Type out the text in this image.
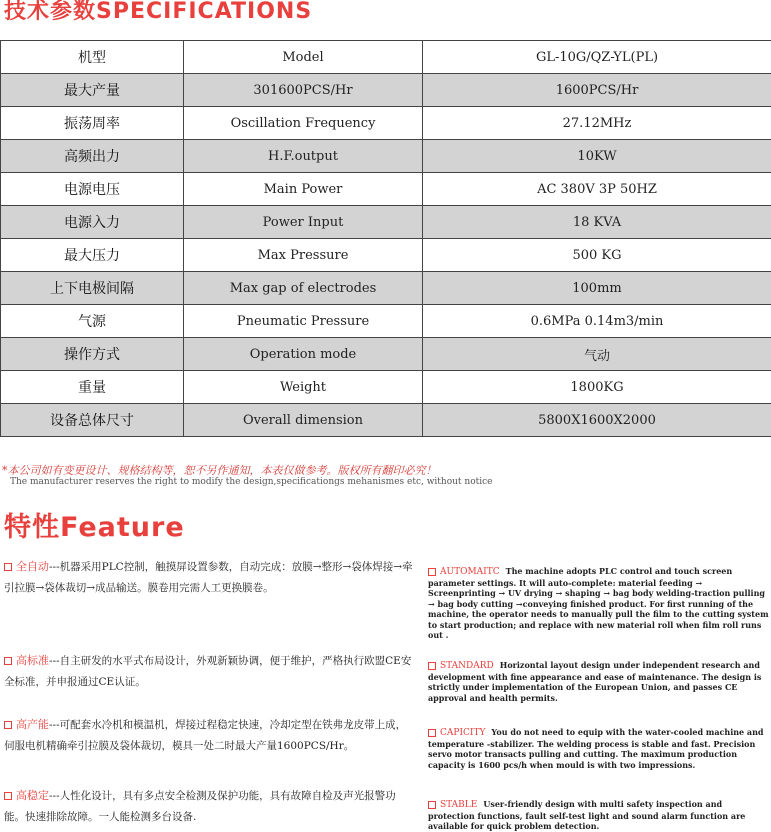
技术参数SPECIFICATIONS
机型	Model	GL-10G/QZ-YL(PL)
最大产量	301600PCS/Hr	1600PCS/Hr
振荡周率	Oscillation Frequency	27.12MHz
高频出力	H.F.output	10KW
电源电压	Main Power	AC 380V 3P 50HZ
电源入力	Power Input	18 KVA
最大压力	Max Pressure	500 KG
上下电极间隔	Max gap of electrodes	100mm
气源	Pneumatic Pressure	0.6MPa 0.14m3/min
操作方式	Operation mode	气动
重量	Weight	1800KG
设备总体尺寸	Overall dimension	5800X1600X2000
*本公司如有变更设计、规格结构等，恕不另作通知，本表仅做参考。版权所有翻印必究！
The manufacturer reserves the right to modify the design,specificationgs mehanismes etc, without notice
特性Feature
全自动---机器采用PLC控制，触摸屏设置参数，自动完成：放膜→整形→袋体焊接→牵引拉膜→袋体裁切→成品输送。膜卷用完需人工更换膜卷。
AUTOMAITC The machine adopts PLC control and touch screen parameter settings. It will auto-complete: material feeding → Screenprinting → UV drying → shaping → bag body welding-traction pulling → bag body cutting →conveying finished product. For first running of the machine, the operator needs to manually pull the film to the cutting system to start production; and replace with new material roll when film roll runs out .
高标准---自主研发的水平式布局设计，外观新颖协调，便于维护，严格执行欧盟CE安全标准，并申报通过CE认证。
STANDARD Horizontal layout design under independent research and development with fine appearance and ease of maintenance. The design is strictly under implementation of the European Union, and passes CE approval and health permits.
高产能---可配套水冷机和模温机，焊接过程稳定快速，冷却定型在铁弗龙皮带上成，伺服电机精确牵引拉膜及袋体裁切，模具一处二时最大产量1600PCS/Hr。
CAPICITY You do not need to equip with the water-cooled machine and temperature -stabilizer. The welding process is stable and fast. Precision servo motor transacts pulling and cutting. The maximum production capacity is 1600 pcs/h when mould is with two impressions.
高稳定---人性化设计，具有多点安全检测及保护功能，具有故障自检及声光报警功能。快速排除故障。一人能检测多台设备.
STABLE User-friendly design with multi safety inspection and protection functions, fault self-test light and sound alarm function are available for quick problem detection.
